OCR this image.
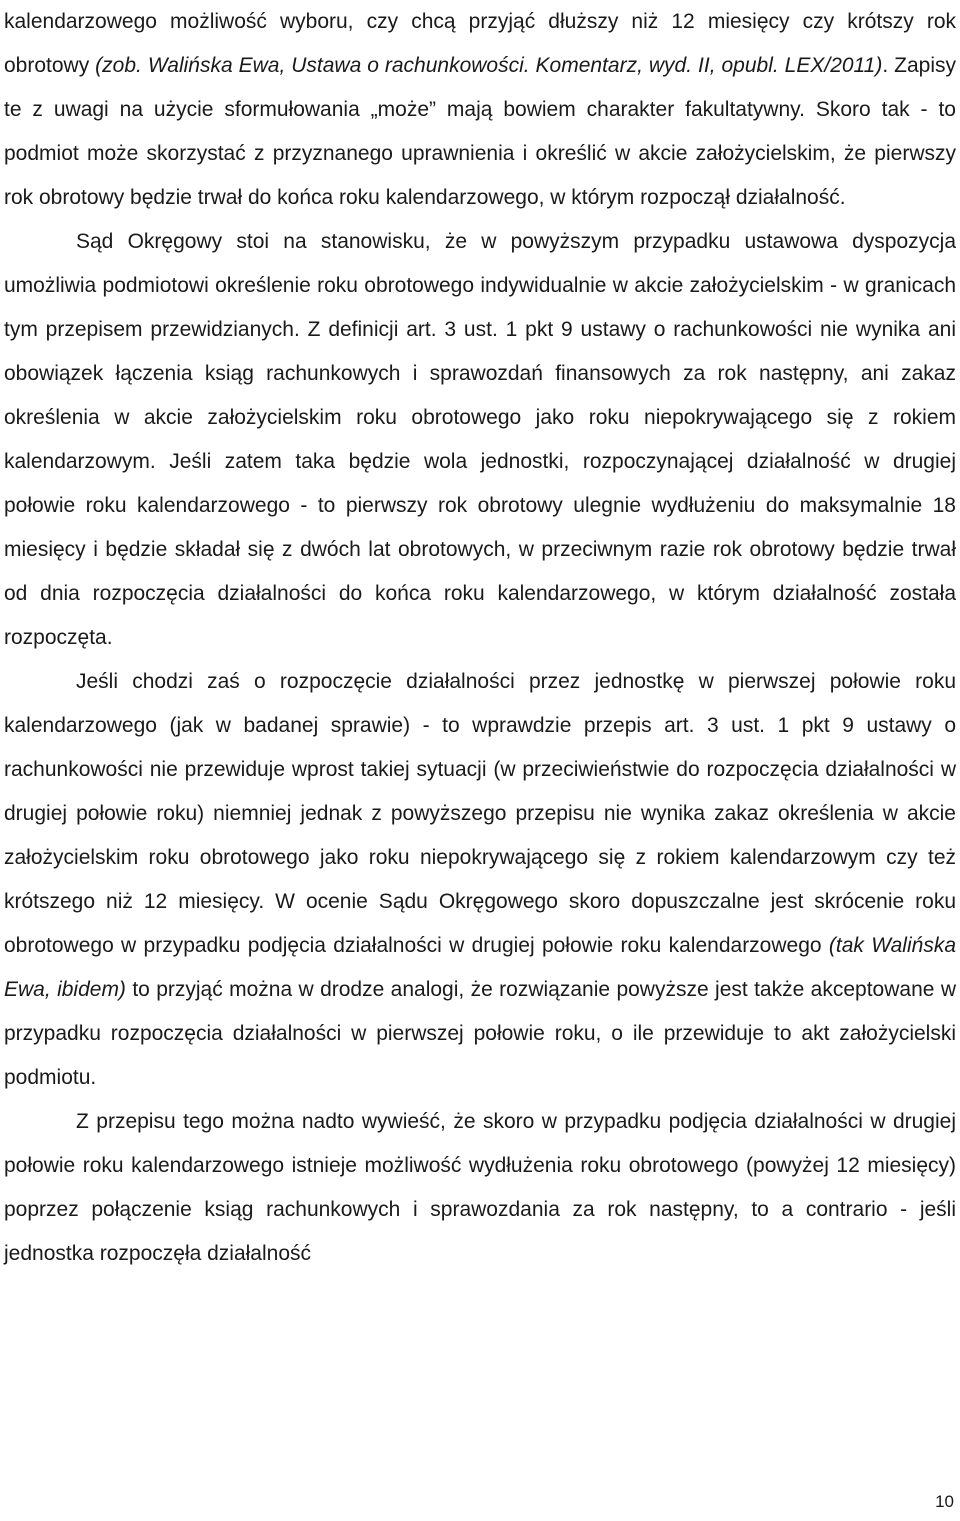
kalendarzowego możliwość wyboru, czy chcą przyjąć dłuższy niż 12 miesięcy czy krótszy rok obrotowy (zob. Walińska Ewa, Ustawa o rachunkowości. Komentarz, wyd. II, opubl. LEX/2011). Zapisy te z uwagi na użycie sformułowania „może” mają bowiem charakter fakultatywny. Skoro tak - to podmiot może skorzystać z przyznanego uprawnienia i określić w akcie założycielskim, że pierwszy rok obrotowy będzie trwał do końca roku kalendarzowego, w którym rozpoczął działalność.

Sąd Okręgowy stoi na stanowisku, że w powyższym przypadku ustawowa dyspozycja umożliwia podmiotowi określenie roku obrotowego indywidualnie w akcie założycielskim - w granicach tym przepisem przewidzianych. Z definicji art. 3 ust. 1 pkt 9 ustawy o rachunkowości nie wynika ani obowiązek łączenia ksiąg rachunkowych i sprawozdań finansowych za rok następny, ani zakaz określenia w akcie założycielskim roku obrotowego jako roku niepokrywającego się z rokiem kalendarzowym. Jeśli zatem taka będzie wola jednostki, rozpoczynającej działalność w drugiej połowie roku kalendarzowego - to pierwszy rok obrotowy ulegnie wydłużeniu do maksymalnie 18 miesięcy i będzie składał się z dwóch lat obrotowych, w przeciwnym razie rok obrotowy będzie trwał od dnia rozpoczęcia działalności do końca roku kalendarzowego, w którym działalność została rozpoczęta.

Jeśli chodzi zaś o rozpoczęcie działalności przez jednostkę w pierwszej połowie roku kalendarzowego (jak w badanej sprawie) - to wprawdzie przepis art. 3 ust. 1 pkt 9 ustawy o rachunkowości nie przewiduje wprost takiej sytuacji (w przeciwieństwie do rozpoczęcia działalności w drugiej połowie roku) niemniej jednak z powyższego przepisu nie wynika zakaz określenia w akcie założycielskim roku obrotowego jako roku niepokrywającego się z rokiem kalendarzowym czy też krótszego niż 12 miesięcy. W ocenie Sądu Okręgowego skoro dopuszczalne jest skrócenie roku obrotowego w przypadku podjęcia działalności w drugiej połowie roku kalendarzowego (tak Walińska Ewa, ibidem) to przyjąć można w drodze analogi, że rozwiązanie powyższe jest także akceptowane w przypadku rozpoczęcia działalności w pierwszej połowie roku, o ile przewiduje to akt założycielski podmiotu.

Z przepisu tego można nadto wywieść, że skoro w przypadku podjęcia działalności w drugiej połowie roku kalendarzowego istnieje możliwość wydłużenia roku obrotowego (powyżej 12 miesięcy) poprzez połączenie ksiąg rachunkowych i sprawozdania za rok następny, to a contrario - jeśli jednostka rozpoczęła działalność

10
